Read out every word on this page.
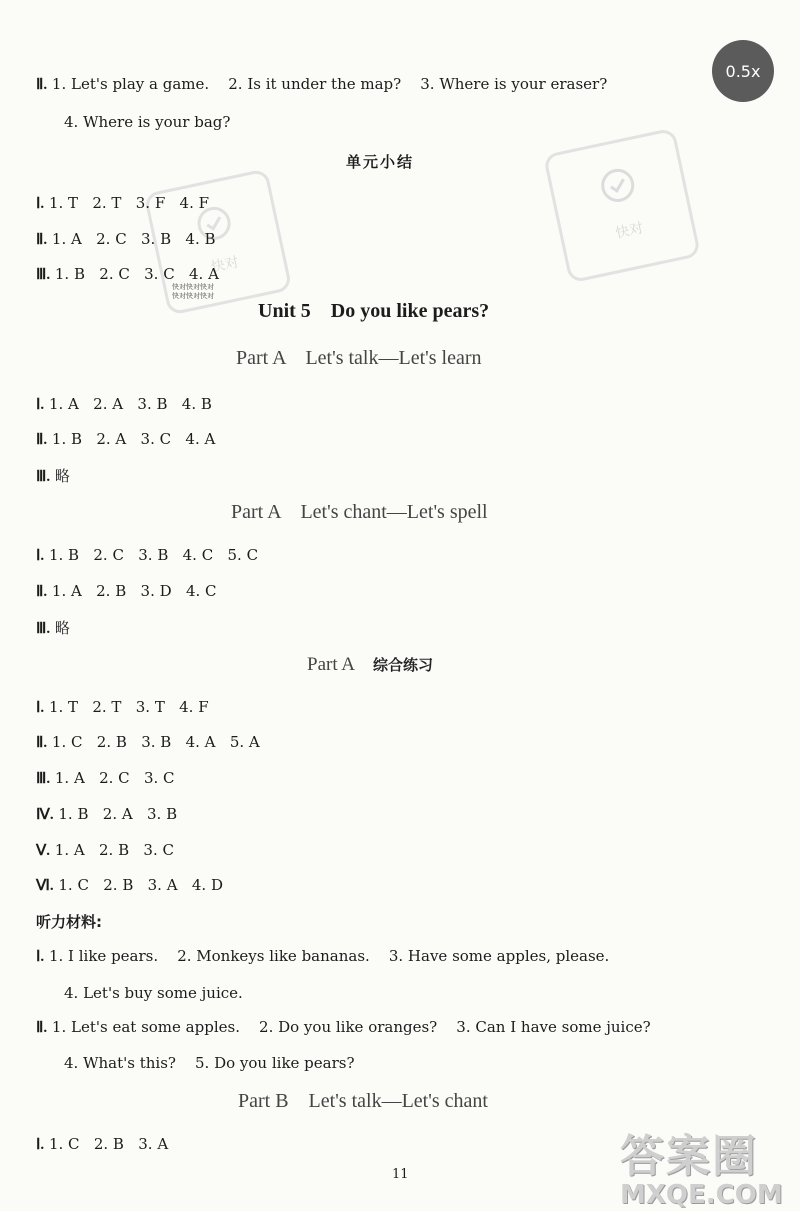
0.5x
快对
快对
快对快对快对
快对快对快对
Ⅱ. 1. Let's play a game.    2. Is it under the map?    3. Where is your eraser?
4. Where is your bag?
单元小结
Ⅰ. 1. T   2. T   3. F   4. F
Ⅱ. 1. A   2. C   3. B   4. B
Ⅲ. 1. B   2. C   3. C   4. A
Unit 5    Do you like pears?
Part A    Let's talk—Let's learn
Ⅰ. 1. A   2. A   3. B   4. B
Ⅱ. 1. B   2. A   3. C   4. A
Ⅲ. 略
Part A    Let's chant—Let's spell
Ⅰ. 1. B   2. C   3. B   4. C   5. C
Ⅱ. 1. A   2. B   3. D   4. C
Ⅲ. 略
Part A 综合练习
Ⅰ. 1. T   2. T   3. T   4. F
Ⅱ. 1. C   2. B   3. B   4. A   5. A
Ⅲ. 1. A   2. C   3. C
Ⅳ. 1. B   2. A   3. B
Ⅴ. 1. A   2. B   3. C
Ⅵ. 1. C   2. B   3. A   4. D
听力材料:
Ⅰ. 1. I like pears.    2. Monkeys like bananas.    3. Have some apples, please.
4. Let's buy some juice.
Ⅱ. 1. Let's eat some apples.    2. Do you like oranges?    3. Can I have some juice?
4. What's this?    5. Do you like pears?
Part B    Let's talk—Let's chant
Ⅰ. 1. C   2. B   3. A
11	答案圈
MXQE.COM
